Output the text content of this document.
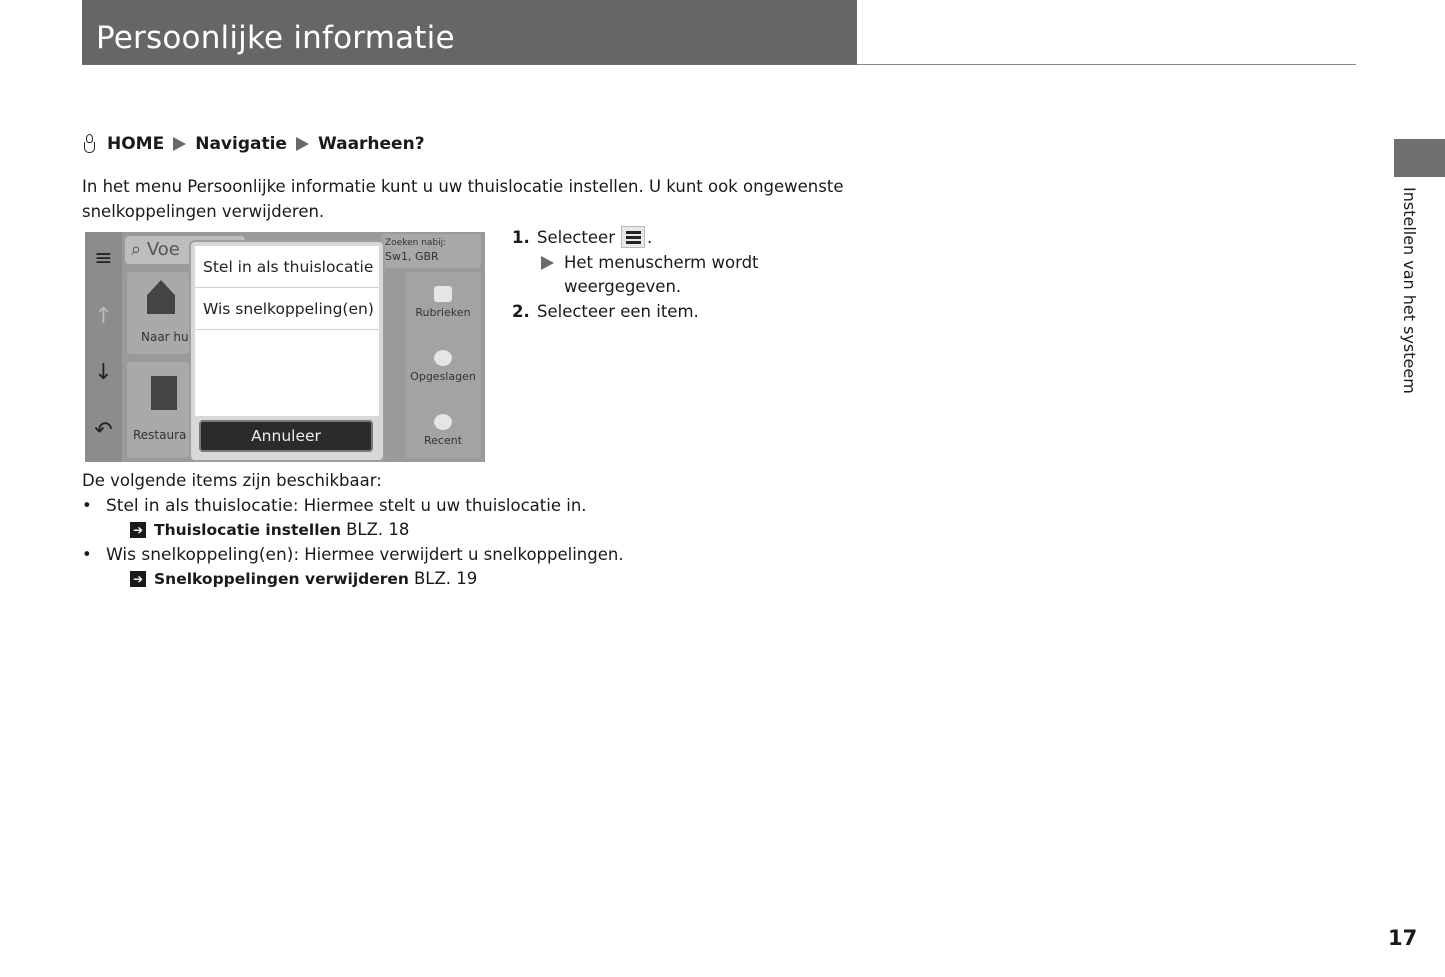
Persoonlijke informatie
Instellen van het systeem
HOME Navigatie Waarheen?
In het menu Persoonlijke informatie kunt u uw thuislocatie instellen. U kunt ook ongewenste snelkoppelingen verwijderen.
≡
↑
↓
↶
⌕ Voe	Zoeken nabij:
Sw1, GBR
Naar hu
Restaura
Rubrieken
Opgeslagen
Recent
Stel in als thuislocatie
Wis snelkoppeling(en)
Annuleer
1. Selecteer .
Het menuscherm wordt
weergegeven.
2. Selecteer een item.
De volgende items zijn beschikbaar:
• Stel in als thuislocatie: Hiermee stelt u uw thuislocatie in.
➔ Thuislocatie instellen BLZ. 18
• Wis snelkoppeling(en): Hiermee verwijdert u snelkoppelingen.
➔ Snelkoppelingen verwijderen BLZ. 19
17
